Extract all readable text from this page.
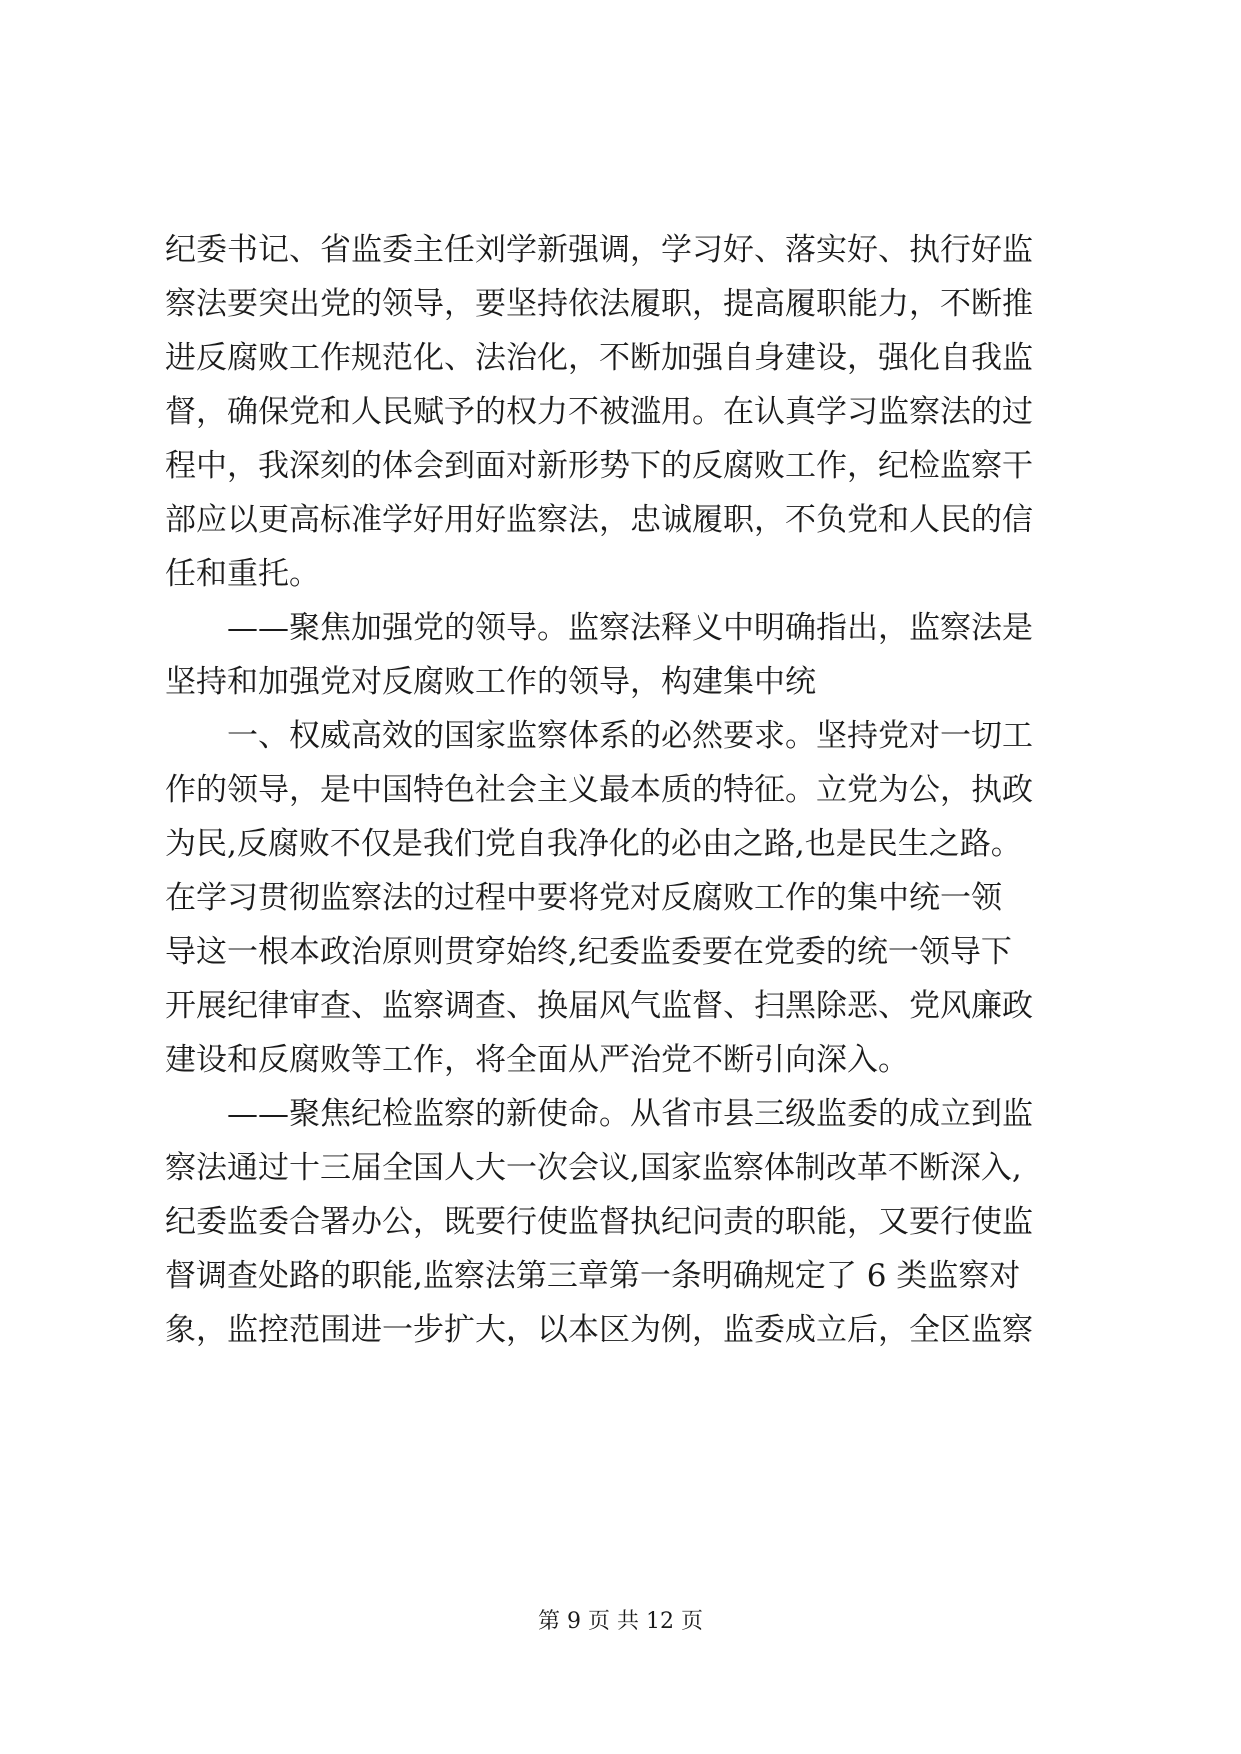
纪委书记、省监委主任刘学新强调，学习好、落实好、执行好监
察法要突出党的领导，要坚持依法履职，提高履职能力，不断推
进反腐败工作规范化、法治化，不断加强自身建设，强化自我监
督，确保党和人民赋予的权力不被滥用。在认真学习监察法的过
程中，我深刻的体会到面对新形势下的反腐败工作，纪检监察干
部应以更高标准学好用好监察法，忠诚履职，不负党和人民的信
任和重托。
——聚焦加强党的领导。监察法释义中明确指出，监察法是
坚持和加强党对反腐败工作的领导，构建集中统
一、权威高效的国家监察体系的必然要求。坚持党对一切工
作的领导，是中国特色社会主义最本质的特征。立党为公，执政
为民,反腐败不仅是我们党自我净化的必由之路,也是民生之路。
在学习贯彻监察法的过程中要将党对反腐败工作的集中统一领
导这一根本政治原则贯穿始终,纪委监委要在党委的统一领导下
开展纪律审查、监察调查、换届风气监督、扫黑除恶、党风廉政
建设和反腐败等工作，将全面从严治党不断引向深入。
——聚焦纪检监察的新使命。从省市县三级监委的成立到监
察法通过十三届全国人大一次会议,国家监察体制改革不断深入,
纪委监委合署办公，既要行使监督执纪问责的职能，又要行使监
督调查处路的职能,监察法第三章第一条明确规定了 6 类监察对
象，监控范围进一步扩大，以本区为例，监委成立后，全区监察
第 9 页 共 12 页
